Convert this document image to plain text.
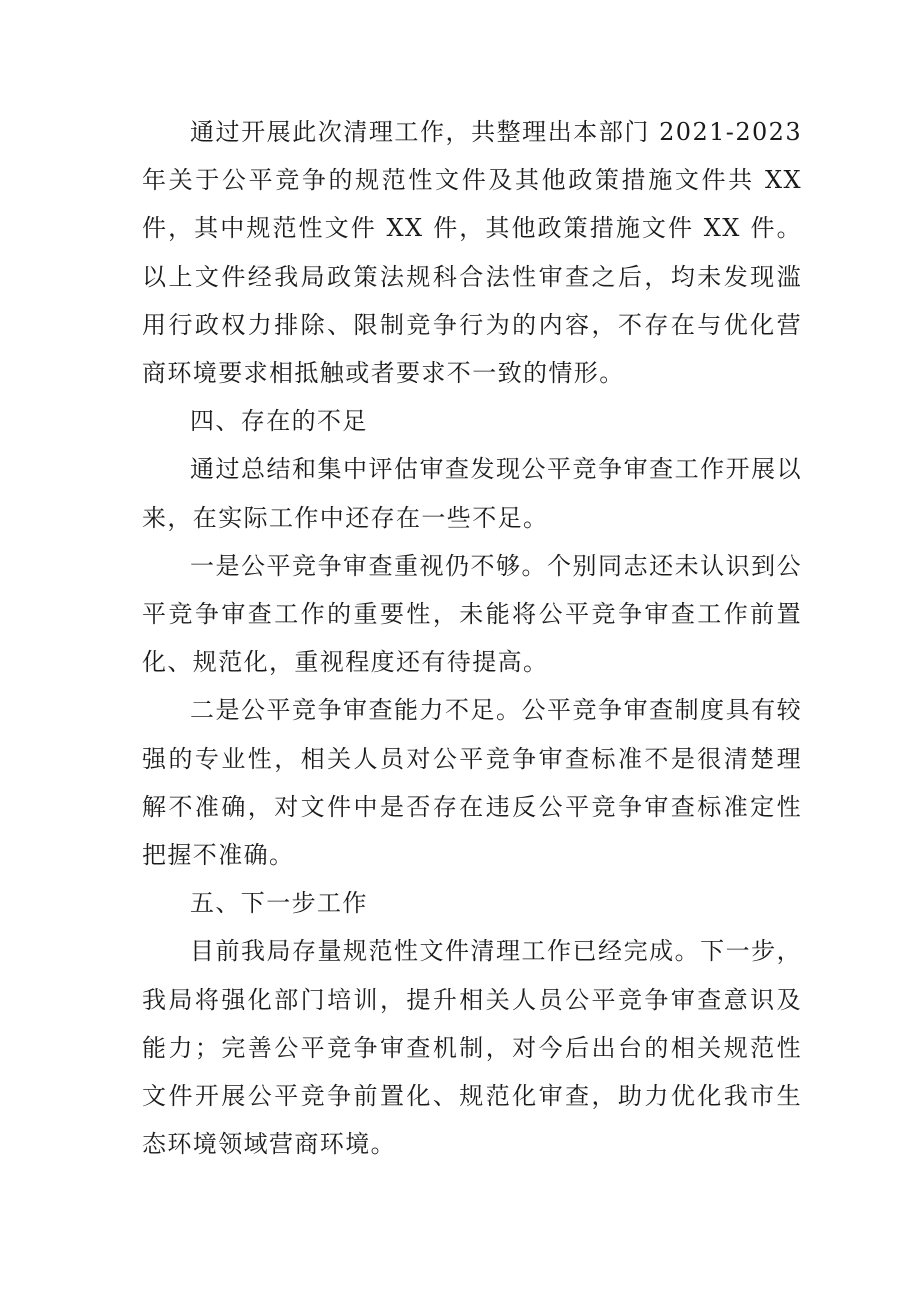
通过开展此次清理工作，共整理出本部门 2021-2023 年关于公平竞争的规范性文件及其他政策措施文件共 XX 件，其中规范性文件 XX 件，其他政策措施文件 XX 件。以上文件经我局政策法规科合法性审查之后，均未发现滥用行政权力排除、限制竞争行为的内容，不存在与优化营商环境要求相抵触或者要求不一致的情形。

四、存在的不足

通过总结和集中评估审查发现公平竞争审查工作开展以来，在实际工作中还存在一些不足。

一是公平竞争审查重视仍不够。个别同志还未认识到公平竞争审查工作的重要性，未能将公平竞争审查工作前置化、规范化，重视程度还有待提高。

二是公平竞争审查能力不足。公平竞争审查制度具有较强的专业性，相关人员对公平竞争审查标准不是很清楚理解不准确，对文件中是否存在违反公平竞争审查标准定性把握不准确。

五、下一步工作

目前我局存量规范性文件清理工作已经完成。下一步，我局将强化部门培训，提升相关人员公平竞争审查意识及能力；完善公平竞争审查机制，对今后出台的相关规范性文件开展公平竞争前置化、规范化审查，助力优化我市生态环境领域营商环境。
